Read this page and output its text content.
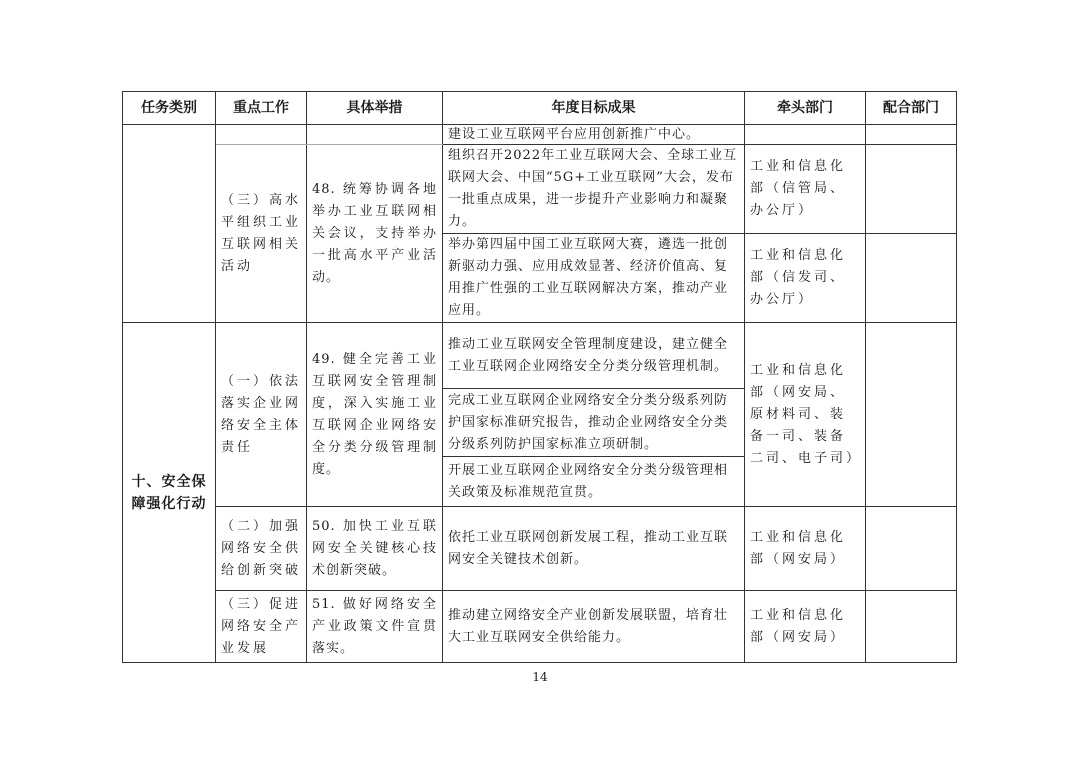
任务类别	重点工作	具体举措	年度目标成果	牵头部门	配合部门
			建设工业互联网平台应用创新推广中心。		
	（三）高水平组织工业互联网相关活动	48. 统筹协调各地举办工业互联网相关会议，支持举办一批高水平产业活动。	组织召开2022年工业互联网大会、全球工业互联网大会、中国“5G+工业互联网”大会，发布一批重点成果，进一步提升产业影响力和凝聚力。	工业和信息化部（信管局、办公厅）	
			举办第四届中国工业互联网大赛，遴选一批创新驱动力强、应用成效显著、经济价值高、复用推广性强的工业互联网解决方案，推动产业应用。	工业和信息化部（信发司、办公厅）	
十、安全保障强化行动	（一）依法落实企业网络安全主体责任	49. 健全完善工业互联网安全管理制度，深入实施工业互联网企业网络安全分类分级管理制度。	推动工业互联网安全管理制度建设，建立健全工业互联网企业网络安全分类分级管理机制。	工业和信息化部（网安局、原材料司、装备一司、装备二司、电子司）	
			完成工业互联网企业网络安全分类分级系列防护国家标准研究报告，推动企业网络安全分类分级系列防护国家标准立项研制。		
			开展工业互联网企业网络安全分类分级管理相关政策及标准规范宣贯。		
	（二）加强网络安全供给创新突破	50. 加快工业互联网安全关键核心技术创新突破。	依托工业互联网创新发展工程，推动工业互联网安全关键技术创新。	工业和信息化部（网安局）	
	（三）促进网络安全产业发展	51. 做好网络安全产业政策文件宣贯落实。	推动建立网络安全产业创新发展联盟，培育壮大工业互联网安全供给能力。	工业和信息化部（网安局）	
14
